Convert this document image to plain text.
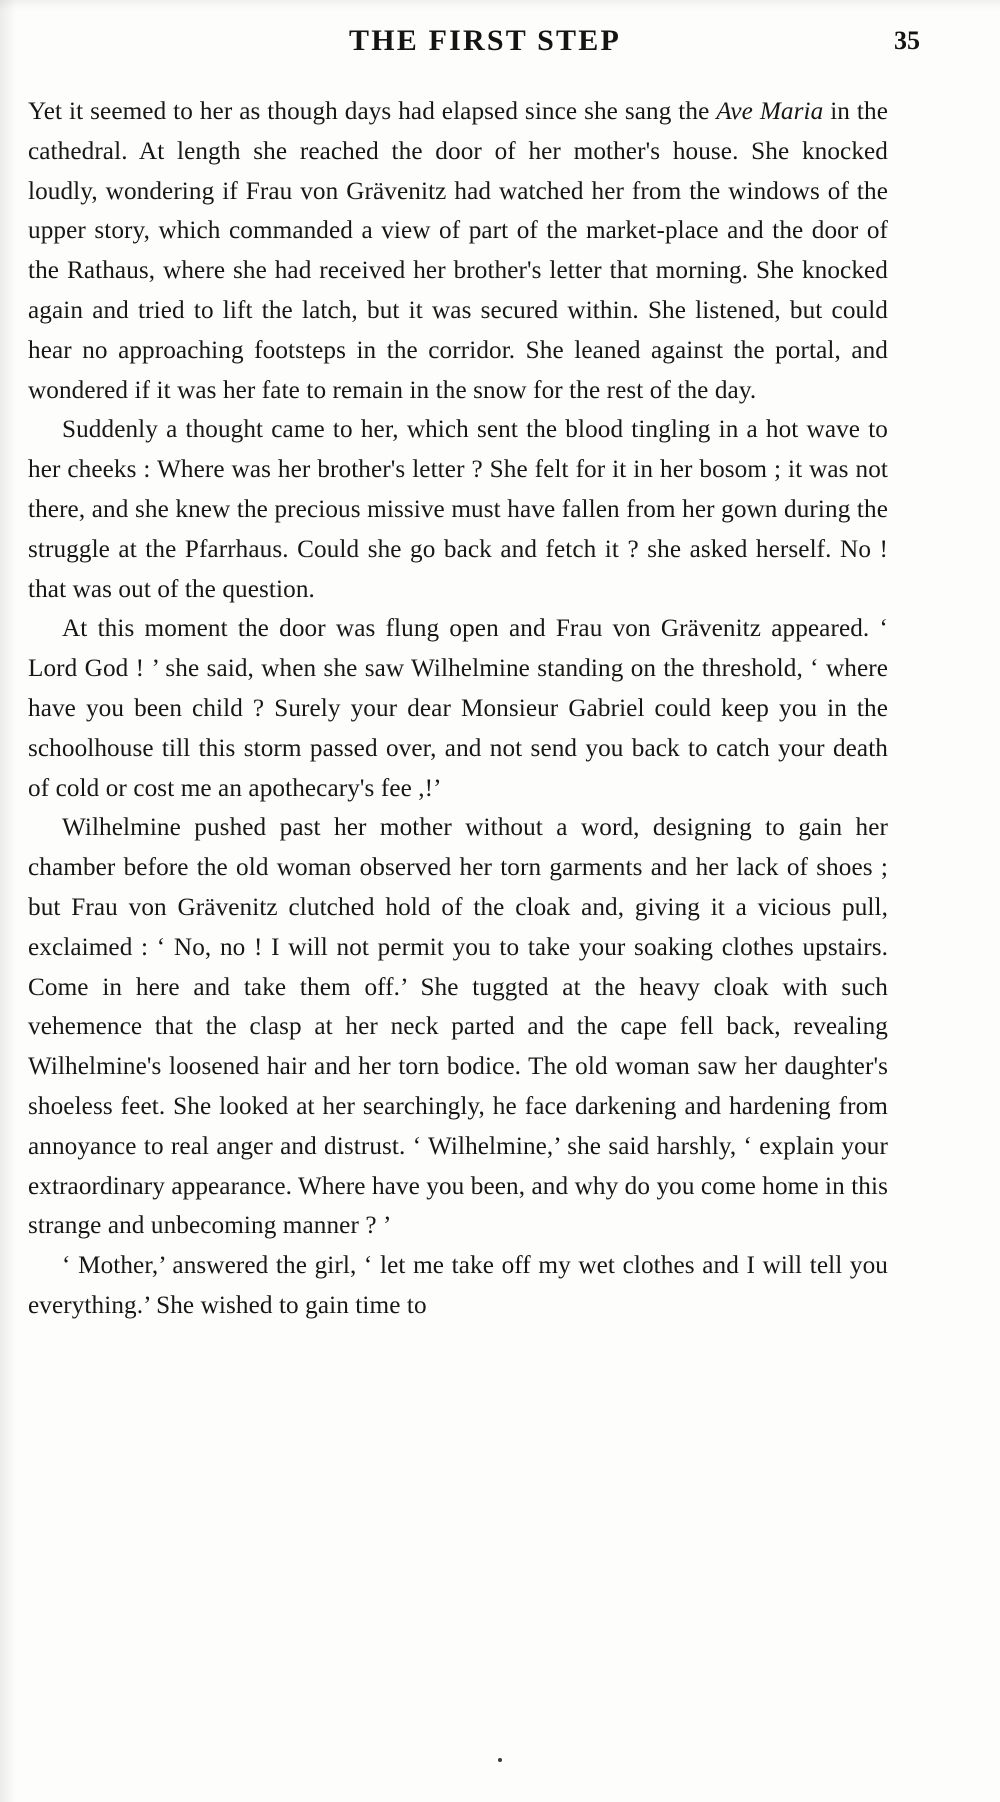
THE FIRST STEP	35

Yet it seemed to her as though days had elapsed since she sang the Ave Maria in the cathedral. At length she reached the door of her mother's house. She knocked loudly, wondering if Frau von Grävenitz had watched her from the windows of the upper story, which commanded a view of part of the market-place and the door of the Rathaus, where she had received her brother's letter that morning. She knocked again and tried to lift the latch, but it was secured within. She listened, but could hear no approaching footsteps in the corridor. She leaned against the portal, and wondered if it was her fate to remain in the snow for the rest of the day.

Suddenly a thought came to her, which sent the blood tingling in a hot wave to her cheeks : Where was her brother's letter ? She felt for it in her bosom ; it was not there, and she knew the precious missive must have fallen from her gown during the struggle at the Pfarrhaus. Could she go back and fetch it ? she asked herself. No ! that was out of the question.

At this moment the door was flung open and Frau von Grävenitz appeared. ‘ Lord God ! ’ she said, when she saw Wilhelmine standing on the threshold, ‘ where have you been child ? Surely your dear Monsieur Gabriel could keep you in the schoolhouse till this storm passed over, and not send you back to catch your death of cold or cost me an apothecary's fee ,!’

Wilhelmine pushed past her mother without a word, designing to gain her chamber before the old woman observed her torn garments and her lack of shoes ; but Frau von Grävenitz clutched hold of the cloak and, giving it a vicious pull, exclaimed : ‘ No, no ! I will not permit you to take your soaking clothes upstairs. Come in here and take them off.’ She tuggted at the heavy cloak with such vehemence that the clasp at her neck parted and the cape fell back, revealing Wilhelmine's loosened hair and her torn bodice. The old woman saw her daughter's shoeless feet. She looked at her searchingly, he face darkening and hardening from annoyance to real anger and distrust. ‘ Wilhelmine,’ she said harshly, ‘ explain your extraordinary appearance. Where have you been, and why do you come home in this strange and unbecoming manner ? ’

‘ Mother,’ answered the girl, ‘ let me take off my wet clothes and I will tell you everything.’ She wished to gain time to
